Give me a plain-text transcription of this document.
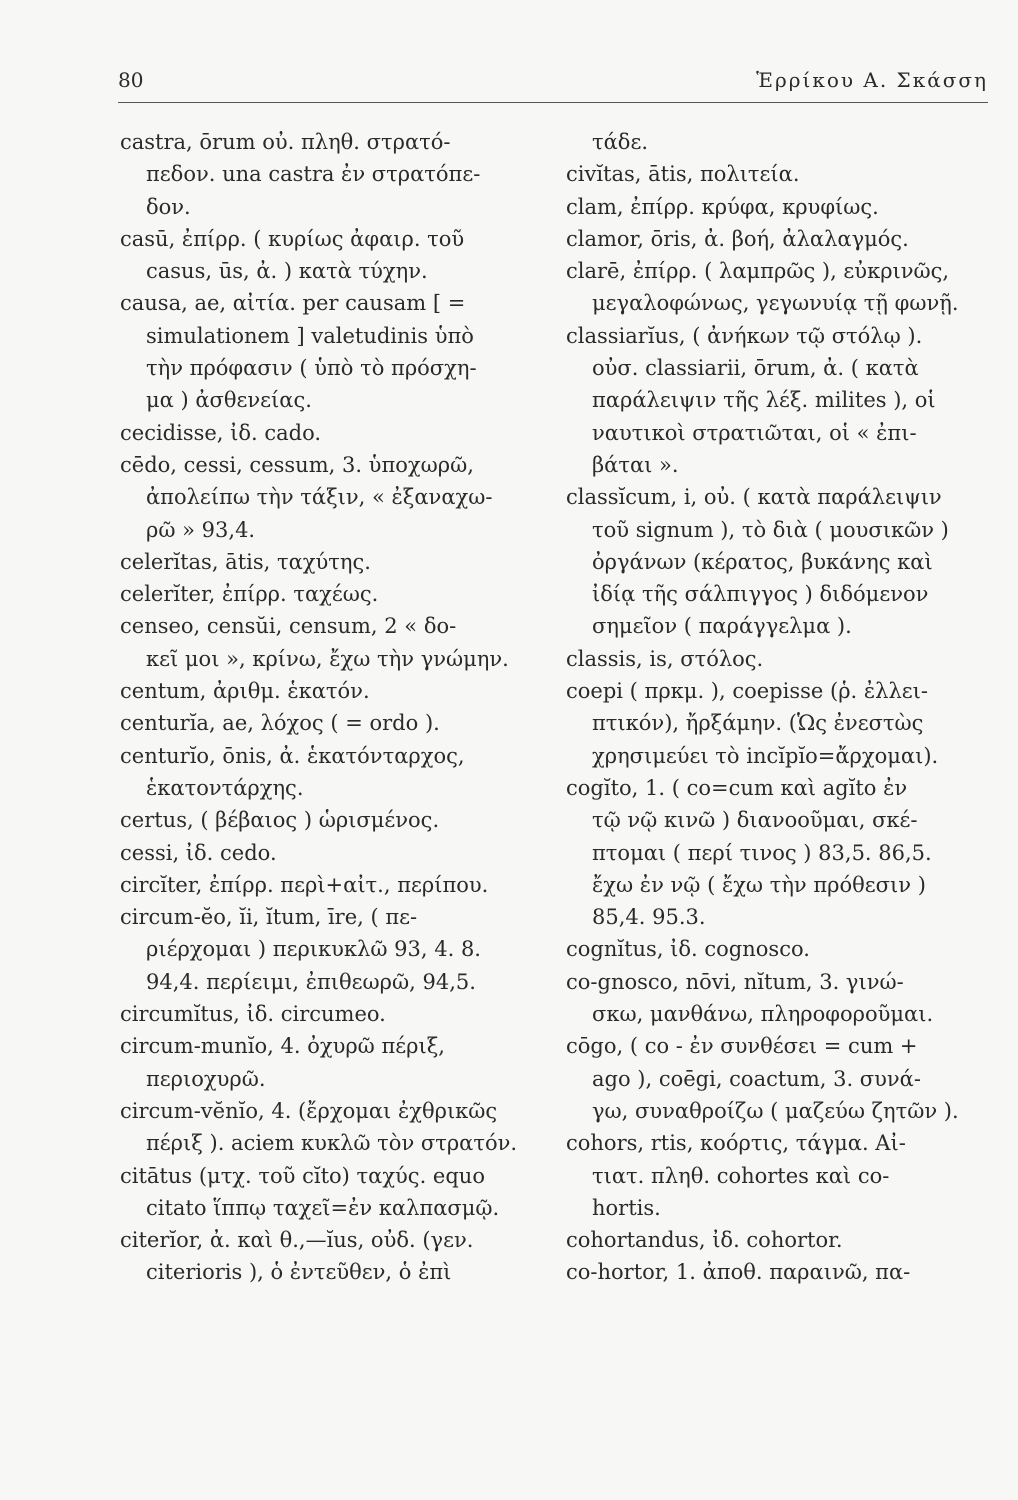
80	Ἑρρίκου Α. Σκάσση
castra, ōrum οὐ. πληθ. στρατό-
πεδον. una castra ἐν στρατόπε-
δον.
casū, ἐπίρρ. ( κυρίως ἀφαιρ. τοῦ
casus, ūs, ἀ. ) κατὰ τύχην.
causa, ae, αἰτία. per causam [ =
simulationem ] valetudinis ὑπὸ
τὴν πρόφασιν ( ὑπὸ τὸ πρόσχη-
μα ) ἀσθενείας.
cecidisse, ἰδ. cado.
cēdo, cessi, cessum, 3. ὑποχωρῶ,
ἀπολείπω τὴν τάξιν, « ἐξαναχω-
ρῶ » 93,4.
celerĭtas, ātis, ταχύτης.
celerĭter, ἐπίρρ. ταχέως.
censeo, censŭi, censum, 2 « δο-
κεῖ μοι », κρίνω, ἔχω τὴν γνώμην.
centum, ἀριθμ. ἑκατόν.
centurĭa, ae, λόχος ( = ordo ).
centurĭo, ōnis, ἀ. ἑκατόνταρχος,
ἑκατοντάρχης.
certus, ( βέβαιος ) ὡρισμένος.
cessi, ἰδ. cedo.
circĭter, ἐπίρρ. περὶ+αἰτ., περίπου.
circum-ĕo, ĭi, ĭtum, īre, ( πε-
ριέρχομαι ) περικυκλῶ 93, 4. 8.
94,4. περίειμι, ἐπιθεωρῶ, 94,5.
circumĭtus, ἰδ. circumeo.
circum-munĭo, 4. ὀχυρῶ πέριξ,
περιοχυρῶ.
circum-vĕnĭo, 4. (ἔρχομαι ἐχθρικῶς
πέριξ ). aciem κυκλῶ τὸν στρατόν.
citātus (μτχ. τοῦ cĭto) ταχύς. equo
citato ἵππῳ ταχεῖ=ἐν καλπασμῷ.
citerĭor, ἀ. καὶ θ.,—ĭus, οὐδ. (γεν.
citerioris ), ὁ ἐντεῦθεν, ὁ ἐπὶ
τάδε.
civĭtas, ātis, πολιτεία.
clam, ἐπίρρ. κρύφα, κρυφίως.
clamor, ōris, ἀ. βοή, ἀλαλαγμός.
clarē, ἐπίρρ. ( λαμπρῶς ), εὐκρινῶς,
μεγαλοφώνως, γεγωνυίᾳ τῇ φωνῇ.
classiarĭus, ( ἀνήκων τῷ στόλῳ ).
οὐσ. classiarii, ōrum, ἀ. ( κατὰ
παράλειψιν τῆς λέξ. milites ), οἱ
ναυτικοὶ στρατιῶται, οἱ « ἐπι-
βάται ».
classĭcum, i, οὐ. ( κατὰ παράλειψιν
τοῦ signum ), τὸ διὰ ( μουσικῶν )
ὀργάνων (κέρατος, βυκάνης καὶ
ἰδίᾳ τῆς σάλπιγγος ) διδόμενον
σημεῖον ( παράγγελμα ).
classis, is, στόλος.
coepi ( πρκμ. ), coepisse (ῥ. ἐλλει-
πτικόν), ἤρξάμην. (Ὡς ἐνεστὼς
χρησιμεύει τὸ incĭpĭo=ἄρχομαι).
cogĭto, 1. ( co=cum καὶ agĭto ἐν
τῷ νῷ κινῶ ) διανοοῦμαι, σκέ-
πτομαι ( περί τινος ) 83,5. 86,5.
ἔχω ἐν νῷ ( ἔχω τὴν πρόθεσιν )
85,4. 95.3.
cognĭtus, ἰδ. cognosco.
co-gnosco, nōvi, nĭtum, 3. γινώ-
σκω, μανθάνω, πληροφοροῦμαι.
cōgo, ( co - ἐν συνθέσει = cum +
ago ), coēgi, coactum, 3. συνά-
γω, συναθροίζω ( μαζεύω ζητῶν ).
cohors, rtis, κοόρτις, τάγμα. Αἰ-
τιατ. πληθ. cohortes καὶ co-
hortis.
cohortandus, ἰδ. cohortor.
co-hortor, 1. ἀποθ. παραινῶ, πα-
